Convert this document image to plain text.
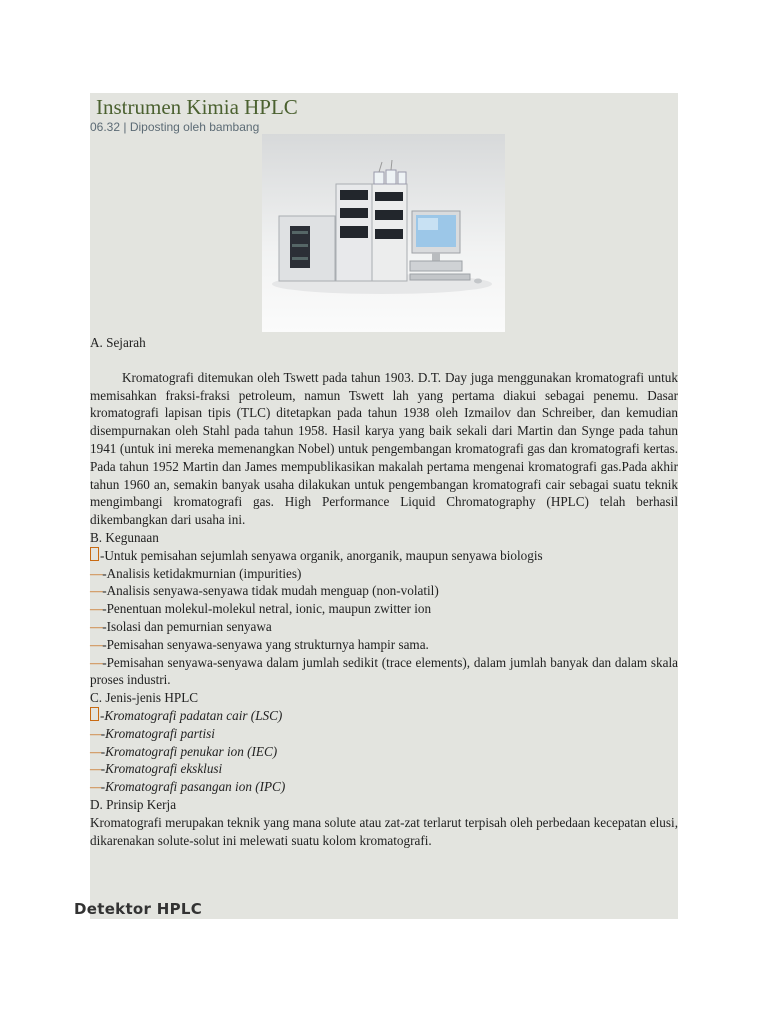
Instrumen Kimia HPLC
06.32 | Diposting oleh bambang

A. Sejarah

Kromatografi ditemukan oleh Tswett pada tahun 1903. D.T. Day juga menggunakan kromatografi untuk memisahkan fraksi-fraksi petroleum, namun Tswett lah yang pertama diakui sebagai penemu. Dasar kromatografi lapisan tipis (TLC) ditetapkan pada tahun 1938 oleh Izmailov dan Schreiber, dan kemudian disempurnakan oleh Stahl pada tahun 1958. Hasil karya yang baik sekali dari Martin dan Synge pada tahun 1941 (untuk ini mereka memenangkan Nobel) untuk pengembangan kromatografi gas dan kromatografi kertas. Pada tahun 1952 Martin dan James mempublikasikan makalah pertama mengenai kromatografi gas.Pada akhir tahun 1960 an, semakin banyak usaha dilakukan untuk pengembangan kromatografi cair sebagai suatu teknik mengimbangi kromatografi gas. High Performance Liquid Chromatography (HPLC) telah berhasil dikembangkan dari usaha ini.

B. Kegunaan

-Untuk pemisahan sejumlah senyawa organik, anorganik, maupun senyawa biologis

—-Analisis ketidakmurnian (impurities)

—-Analisis senyawa-senyawa tidak mudah menguap (non-volatil)

—-Penentuan molekul-molekul netral, ionic, maupun zwitter ion

—-Isolasi dan pemurnian senyawa

—-Pemisahan senyawa-senyawa yang strukturnya hampir sama.

—-Pemisahan senyawa-senyawa dalam jumlah sedikit (trace elements), dalam jumlah banyak dan dalam skala proses industri.

C. Jenis-jenis HPLC

-Kromatografi padatan cair (LSC)

—-Kromatografi partisi

—-Kromatografi penukar ion (IEC)

—-Kromatografi eksklusi

—-Kromatografi pasangan ion (IPC)

D. Prinsip Kerja

Kromatografi merupakan teknik yang mana solute atau zat-zat terlarut terpisah oleh perbedaan kecepatan elusi, dikarenakan solute-solut ini melewati suatu kolom kromatografi.

Detektor HPLC
